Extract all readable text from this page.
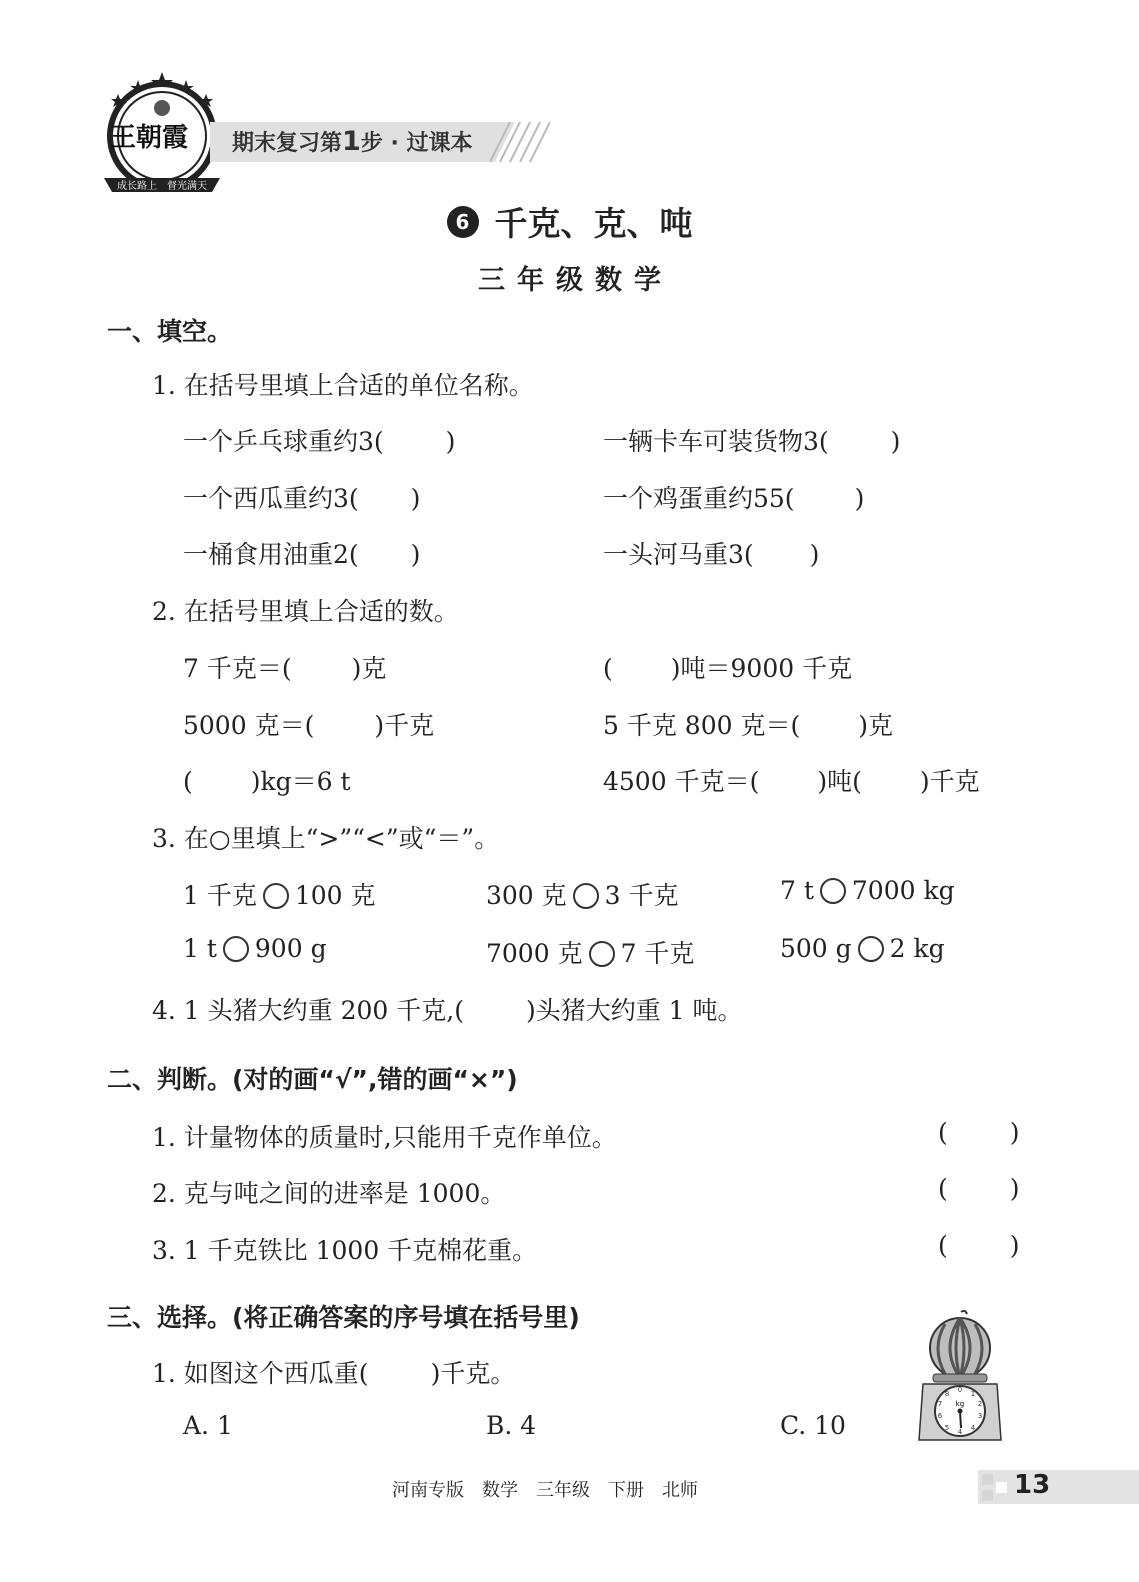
成长路上　督光满天
王朝霞 期末复习第1步 · 过课本
6 千克、克、吨
三年级数学
一、填空。
1. 在括号里填上合适的单位名称。
一个乒乓球重约3( )	一辆卡车可装货物3( )
一个西瓜重约3( )	一个鸡蛋重约55( )
一桶食用油重2( )	一头河马重3( )
2. 在括号里填上合适的数。
7 千克＝( )克	( )吨＝9000 千克
5000 克＝( )千克	5 千克 800 克＝( )克
( )kg＝6 t	4500 千克＝( )吨( )千克
3. 在○里填上“>”“<”或“＝”。
1 千克 100 克	300 克 3 千克	7 t 7000 kg
1 t 900 g	7000 克 7 千克	500 g 2 kg
4. 1 头猪大约重 200 千克,( )头猪大约重 1 吨。
二、判断。(对的画“√”,错的画“×”)
1. 计量物体的质量时,只能用千克作单位。	( )
2. 克与吨之间的进率是 1000。	( )
3. 1 千克铁比 1000 千克棉花重。	( )
三、选择。(将正确答案的序号填在括号里)
1. 如图这个西瓜重( )千克。
A. 1	B. 4	C. 10
0 1
2
3
4
4
5
6
7
8
kg
河南专版　数学　三年级　下册　北师	13
